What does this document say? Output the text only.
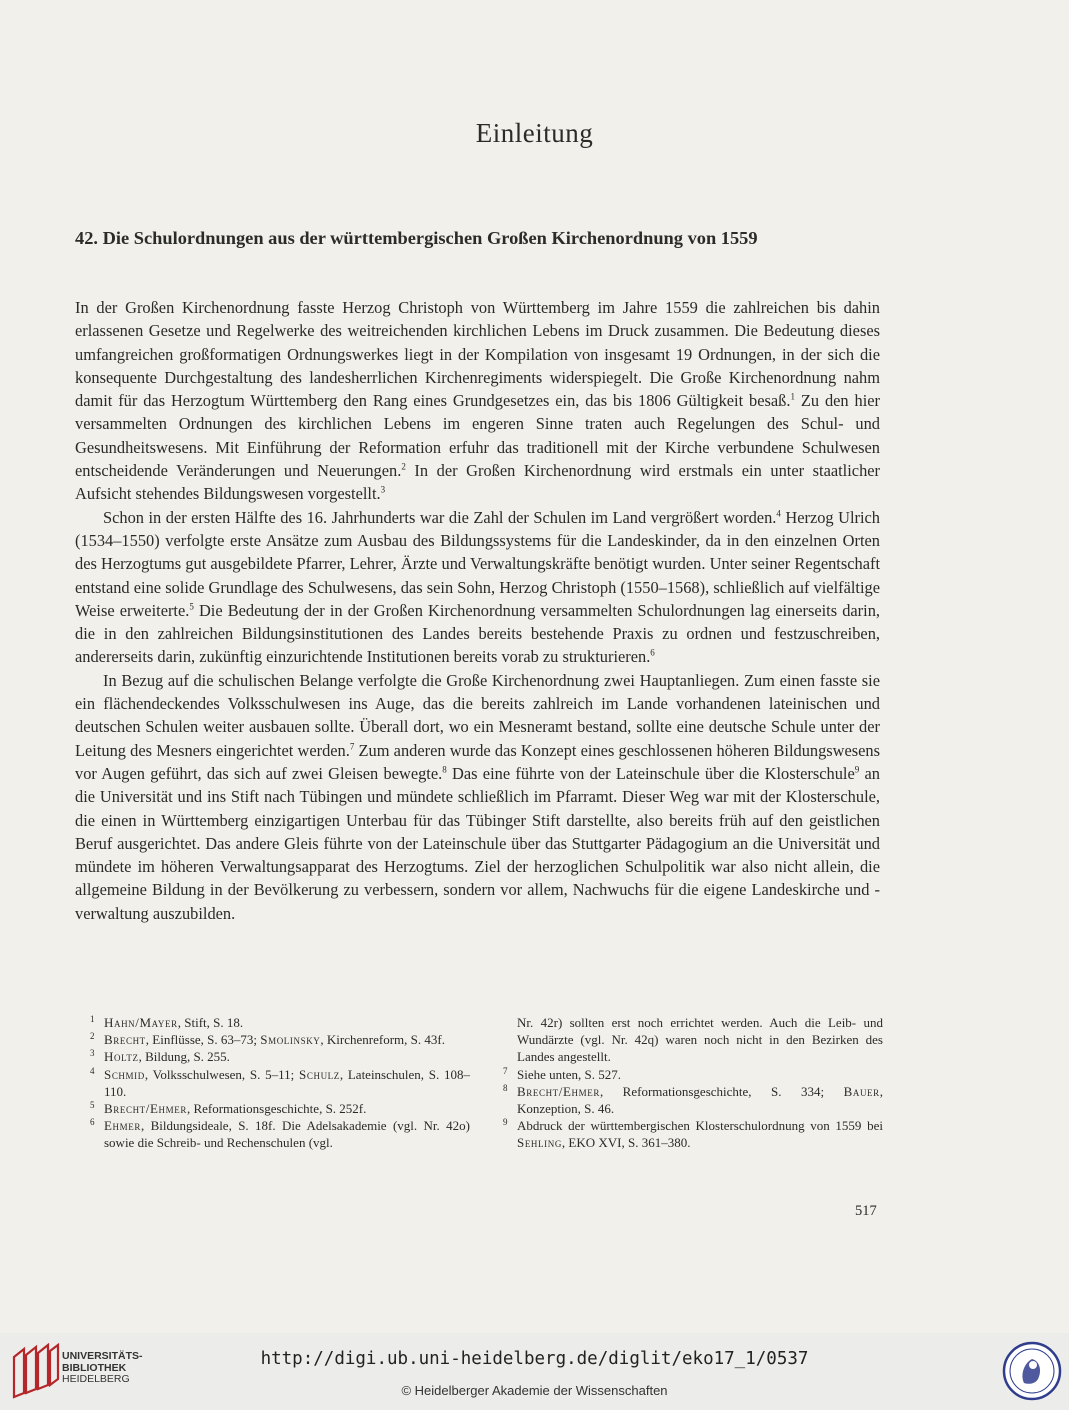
Einleitung
42. Die Schulordnungen aus der württembergischen Großen Kirchenordnung von 1559

In der Großen Kirchenordnung fasste Herzog Christoph von Württemberg im Jahre 1559 die zahlreichen bis dahin erlassenen Gesetze und Regelwerke des weitreichenden kirchlichen Lebens im Druck zusammen. Die Bedeutung dieses umfangreichen großformatigen Ordnungswerkes liegt in der Kompilation von insgesamt 19 Ordnungen, in der sich die konsequente Durchgestaltung des landesherrlichen Kirchenregiments widerspiegelt. Die Große Kirchenordnung nahm damit für das Herzogtum Württemberg den Rang eines Grundgesetzes ein, das bis 1806 Gültigkeit besaß.$^1$ Zu den hier versammelten Ordnungen des kirchlichen Lebens im engeren Sinne traten auch Regelungen des Schul- und Gesundheitswesens. Mit Einführung der Reformation erfuhr das traditionell mit der Kirche verbundene Schulwesen entscheidende Veränderungen und Neuerungen.$^2$ In der Großen Kirchenordnung wird erstmals ein unter staatlicher Aufsicht stehendes Bildungswesen vorgestellt.$^3$

Schon in der ersten Hälfte des 16. Jahrhunderts war die Zahl der Schulen im Land vergrößert worden.$^4$ Herzog Ulrich (1534–1550) verfolgte erste Ansätze zum Ausbau des Bildungssystems für die Landeskinder, da in den einzelnen Orten des Herzogtums gut ausgebildete Pfarrer, Lehrer, Ärzte und Verwaltungskräfte benötigt wurden. Unter seiner Regentschaft entstand eine solide Grundlage des Schulwesens, das sein Sohn, Herzog Christoph (1550–1568), schließlich auf vielfältige Weise erweiterte.$^5$ Die Bedeutung der in der Großen Kirchenordnung versammelten Schulordnungen lag einerseits darin, die in den zahlreichen Bildungsinstitutionen des Landes bereits bestehende Praxis zu ordnen und festzuschreiben, andererseits darin, zukünftig einzurichtende Institutionen bereits vorab zu strukturieren.$^6$

In Bezug auf die schulischen Belange verfolgte die Große Kirchenordnung zwei Hauptanliegen. Zum einen fasste sie ein flächendeckendes Volksschulwesen ins Auge, das die bereits zahlreich im Lande vorhandenen lateinischen und deutschen Schulen weiter ausbauen sollte. Überall dort, wo ein Mesneramt bestand, sollte eine deutsche Schule unter der Leitung des Mesners eingerichtet werden.$^7$ Zum anderen wurde das Konzept eines geschlossenen höheren Bildungswesens vor Augen geführt, das sich auf zwei Gleisen bewegte.$^8$ Das eine führte von der Lateinschule über die Klosterschule$^9$ an die Universität und ins Stift nach Tübingen und mündete schließlich im Pfarramt. Dieser Weg war mit der Klosterschule, die einen in Württemberg einzigartigen Unterbau für das Tübinger Stift darstellte, also bereits früh auf den geistlichen Beruf ausgerichtet. Das andere Gleis führte von der Lateinschule über das Stuttgarter Pädagogium an die Universität und mündete im höheren Verwaltungsapparat des Herzogtums. Ziel der herzoglichen Schulpolitik war also nicht allein, die allgemeine Bildung in der Bevölkerung zu verbessern, sondern vor allem, Nachwuchs für die eigene Landeskirche und -verwaltung auszubilden.

1 Hahn/Mayer, Stift, S. 18.
2 Brecht, Einflüsse, S. 63–73; Smolinsky, Kirchenreform, S. 43f.
3 Holtz, Bildung, S. 255.
4 Schmid, Volksschulwesen, S. 5–11; Schulz, Lateinschulen, S. 108–110.
5 Brecht/Ehmer, Reformationsgeschichte, S. 252f.
6 Ehmer, Bildungsideale, S. 18f. Die Adelsakademie (vgl. Nr. 42o) sowie die Schreib- und Rechenschulen (vgl.
Nr. 42r) sollten erst noch errichtet werden. Auch die Leib- und Wundärzte (vgl. Nr. 42q) waren noch nicht in den Bezirken des Landes angestellt.
7 Siehe unten, S. 527.
8 Brecht/Ehmer, Reformationsgeschichte, S. 334; Bauer, Konzeption, S. 46.
9 Abdruck der württembergischen Klosterschulordnung von 1559 bei Sehling, EKO XVI, S. 361–380.
517
UNIVERSITÄTS-
BIBLIOTHEK
HEIDELBERG
http://digi.ub.uni-heidelberg.de/diglit/eko17_1/0537
© Heidelberger Akademie der Wissenschaften
